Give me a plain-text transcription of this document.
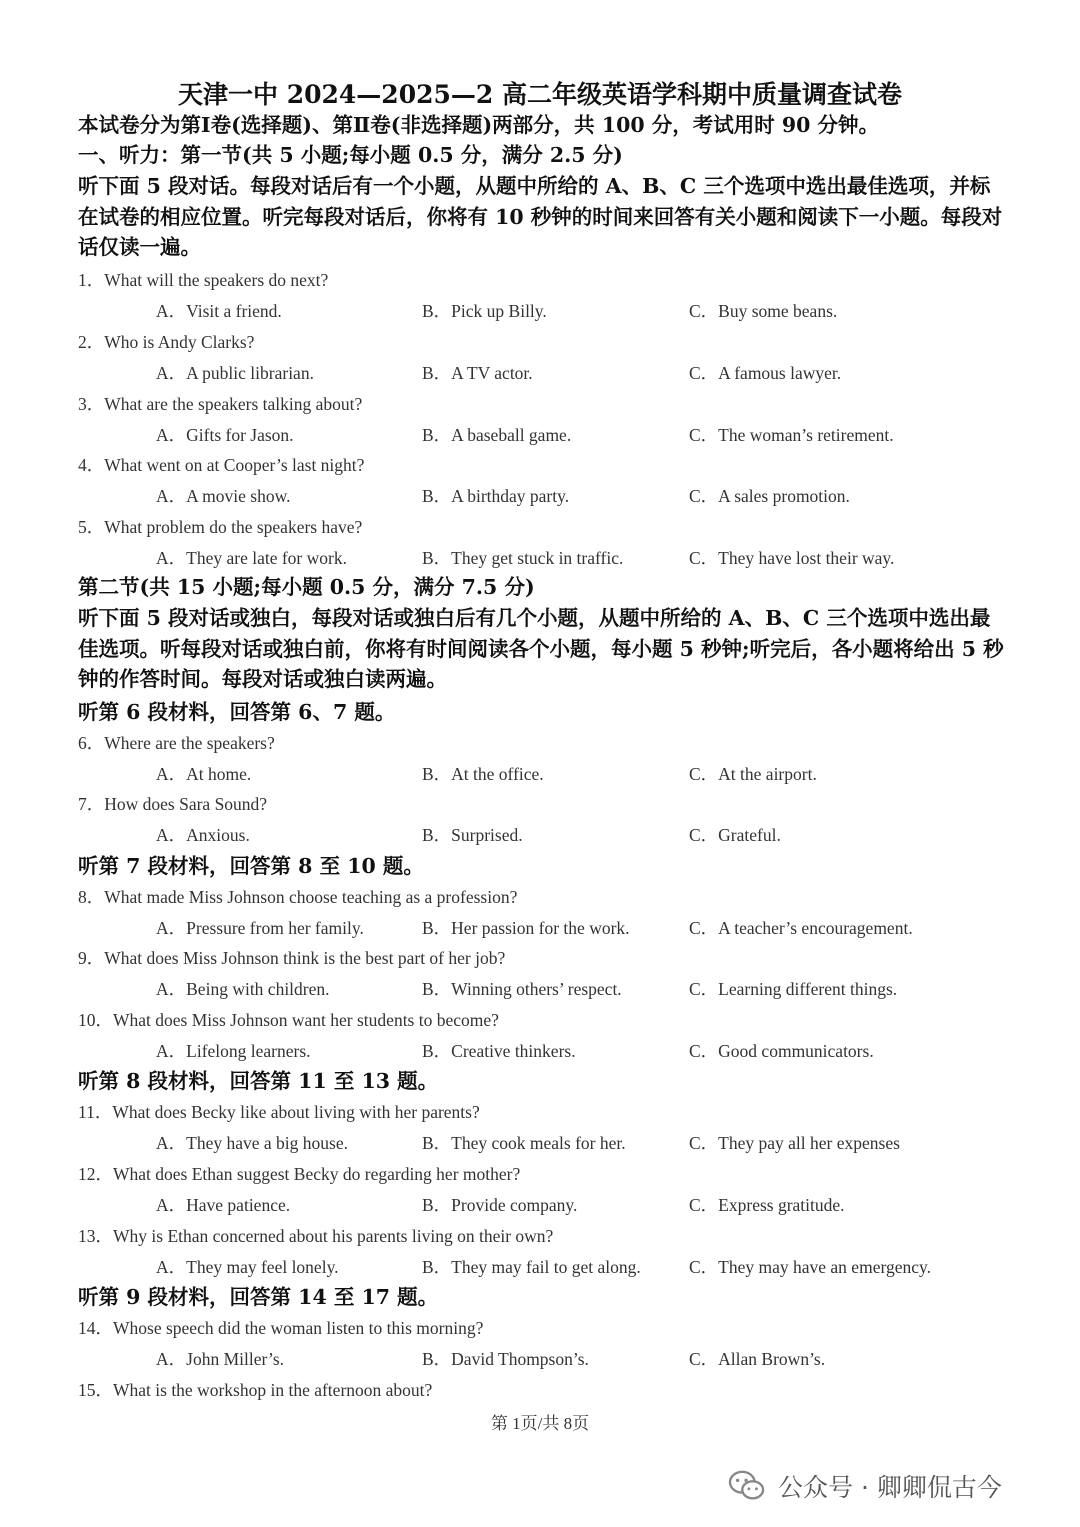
天津一中 2024—2025—2 高二年级英语学科期中质量调查试卷
本试卷分为第Ⅰ卷(选择题)、第Ⅱ卷(非选择题)两部分，共 100 分，考试用时 90 分钟。
一、听力：第一节(共 5 小题;每小题 0.5 分，满分 2.5 分)
听下面 5 段对话。每段对话后有一个小题，从题中所给的 A、B、C 三个选项中选出最佳选项，并标在试卷的相应位置。听完每段对话后，你将有 10 秒钟的时间来回答有关小题和阅读下一小题。每段对话仅读一遍。
第二节(共 15 小题;每小题 0.5 分，满分 7.5 分)
听下面 5 段对话或独白，每段对话或独白后有几个小题，从题中所给的 A、B、C 三个选项中选出最佳选项。听每段对话或独白前，你将有时间阅读各个小题，每小题 5 秒钟;听完后，各小题将给出 5 秒钟的作答时间。每段对话或独白读两遍。
听第 6 段材料，回答第 6、7 题。
听第 7 段材料，回答第 8 至 10 题。
听第 8 段材料，回答第 11 至 13 题。
听第 9 段材料，回答第 14 至 17 题。
1．What will the speakers do next?
A．Visit a friend.	B．Pick up Billy.	C．Buy some beans.
2．Who is Andy Clarks?
A．A public librarian.	B．A TV actor.	C．A famous lawyer.
3．What are the speakers talking about?
A．Gifts for Jason.	B．A baseball game.	C．The woman’s retirement.
4．What went on at Cooper’s last night?
A．A movie show.	B．A birthday party.	C．A sales promotion.
5．What problem do the speakers have?
A．They are late for work.	B．They get stuck in traffic.	C．They have lost their way.
6．Where are the speakers?
A．At home.	B．At the office.	C．At the airport.
7．How does Sara Sound?
A．Anxious.	B．Surprised.	C．Grateful.
8．What made Miss Johnson choose teaching as a profession?
A．Pressure from her family.	B．Her passion for the work.	C．A teacher’s encouragement.
9．What does Miss Johnson think is the best part of her job?
A．Being with children.	B．Winning others’ respect.	C．Learning different things.
10．What does Miss Johnson want her students to become?
A．Lifelong learners.	B．Creative thinkers.	C．Good communicators.
11．What does Becky like about living with her parents?
A．They have a big house.	B．They cook meals for her.	C．They pay all her expenses
12．What does Ethan suggest Becky do regarding her mother?
A．Have patience.	B．Provide company.	C．Express gratitude.
13．Why is Ethan concerned about his parents living on their own?
A．They may feel lonely.	B．They may fail to get along.	C．They may have an emergency.
14．Whose speech did the woman listen to this morning?
A．John Miller’s.	B．David Thompson’s.	C．Allan Brown’s.
15．What is the workshop in the afternoon about?
第 1页/共 8页
公众号 · 卿卿侃古今
